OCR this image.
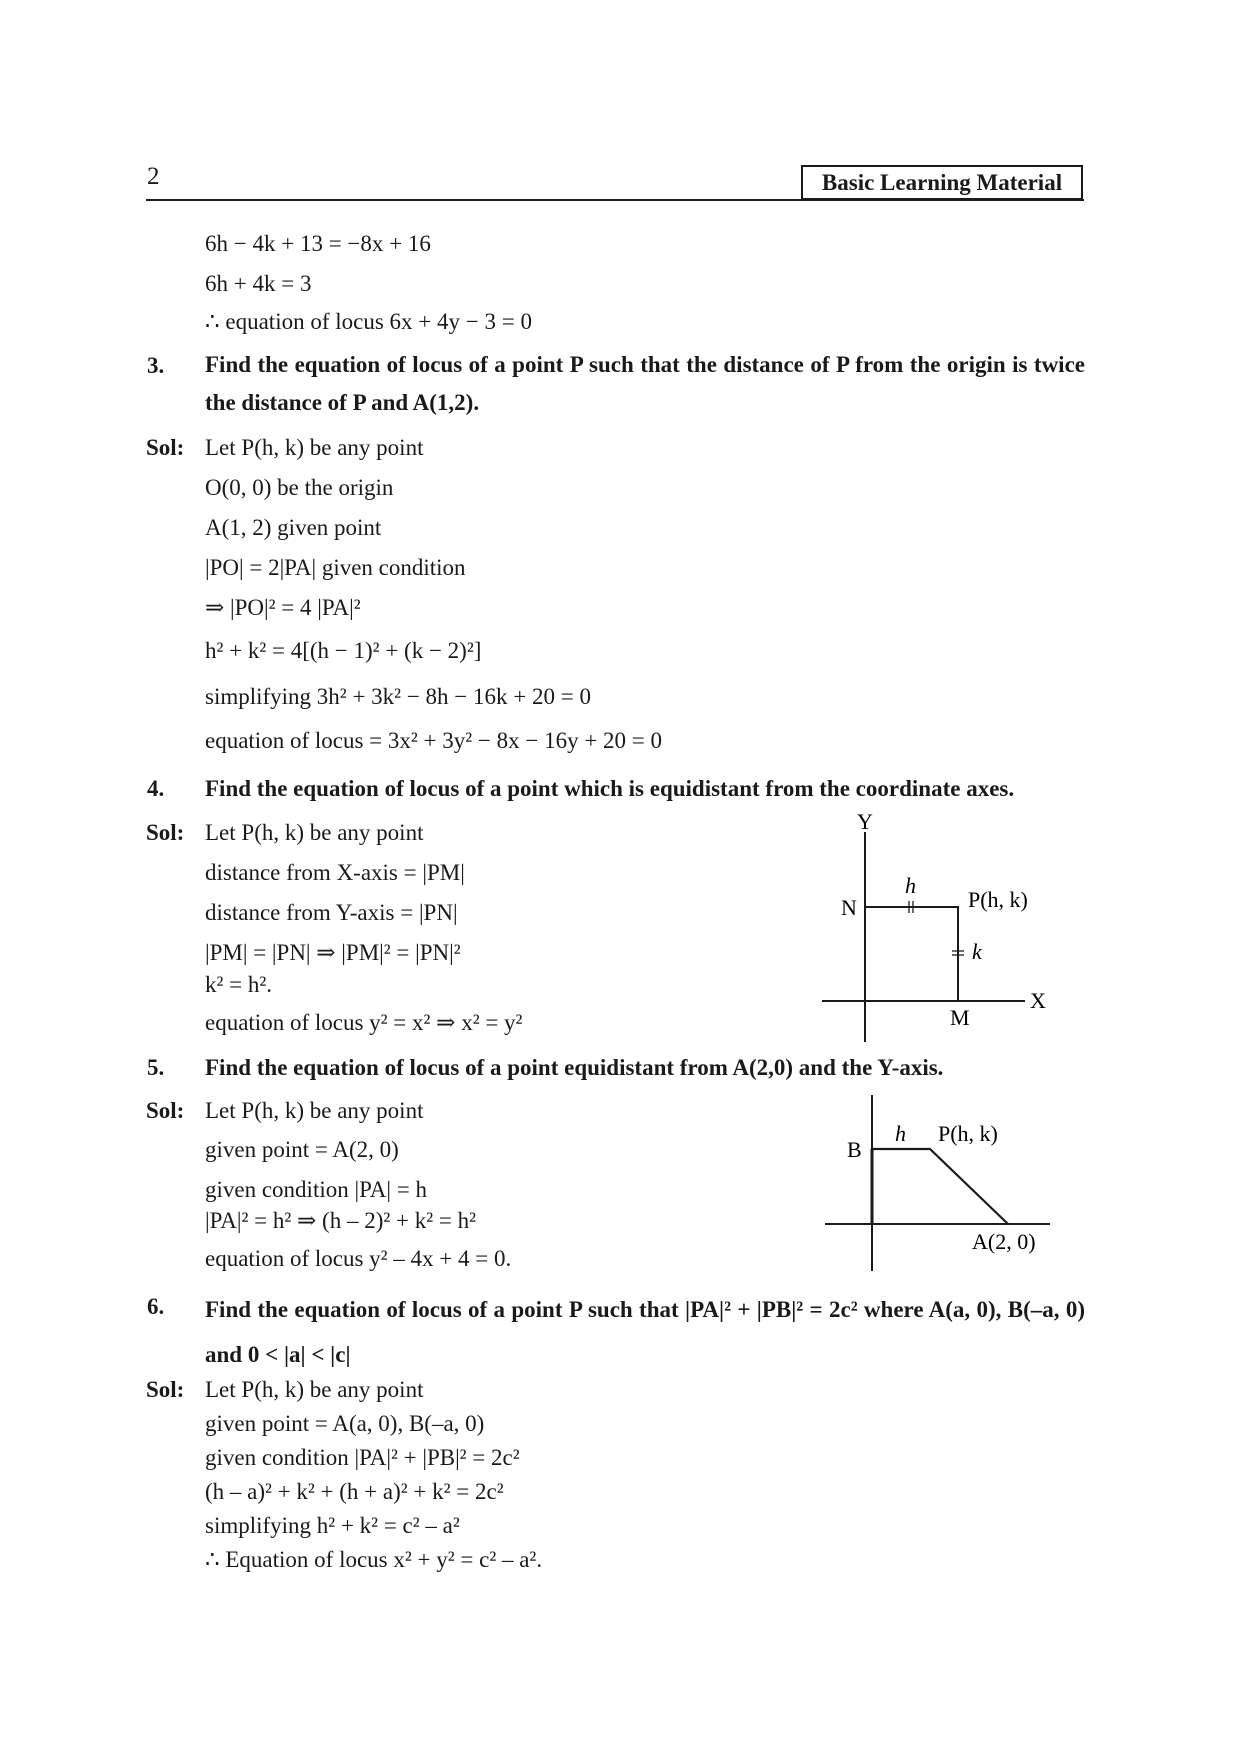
2	Basic Learning Material
6h − 4k + 13 = −8x + 16
6h + 4k = 3
∴ equation of locus 6x + 4y − 3 = 0
3. Find the equation of locus of a point P such that the distance of P from the origin is twice the distance of P and A(1,2).
Sol: Let P(h, k) be any point
O(0, 0) be the origin
A(1, 2) given point
|PO| = 2|PA| given condition
⇒ |PO|² = 4 |PA|²
h² + k² = 4[(h − 1)² + (k − 2)²]
simplifying 3h² + 3k² − 8h − 16k + 20 = 0
equation of locus = 3x² + 3y² − 8x − 16y + 20 = 0
4. Find the equation of locus of a point which is equidistant from the coordinate axes.
Sol: Let P(h, k) be any point
distance from X-axis = |PM|
distance from Y-axis = |PN|
|PM| = |PN| ⇒ |PM|² = |PN|²
k² = h².
equation of locus y² = x² ⇒ x² = y²
Y
X
N
M
P(h, k)
h
k
5. Find the equation of locus of a point equidistant from A(2,0) and the Y-axis.
Sol: Let P(h, k) be any point
given point = A(2, 0)
given condition |PA| = h
|PA|² = h² ⇒ (h – 2)² + k² = h²
equation of locus y² – 4x + 4 = 0.
B
h P(h, k)
A(2, 0)
6. Find the equation of locus of a point P such that |PA|² + |PB|² = 2c² where A(a, 0), B(–a, 0) and 0 < |a| < |c|
Sol: Let P(h, k) be any point
given point = A(a, 0), B(–a, 0)
given condition |PA|² + |PB|² = 2c²
(h – a)² + k² + (h + a)² + k² = 2c²
simplifying h² + k² = c² – a²
∴ Equation of locus x² + y² = c² – a².
